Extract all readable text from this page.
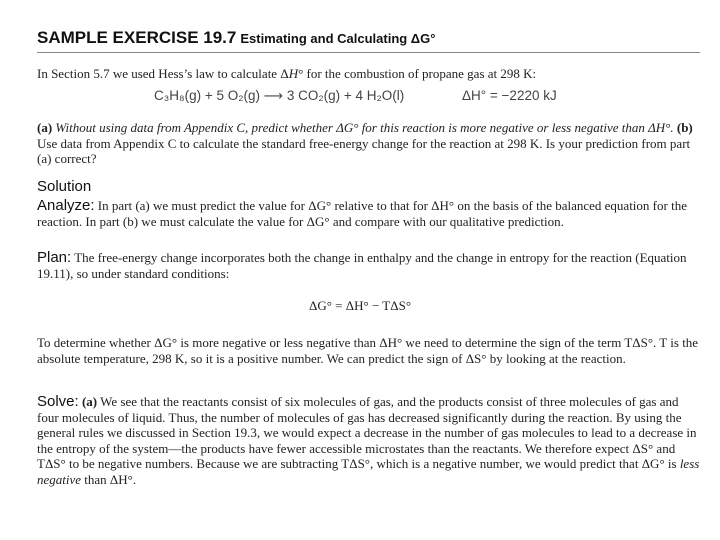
SAMPLE EXERCISE 19.7 Estimating and Calculating ΔG°
In Section 5.7 we used Hess’s law to calculate ΔH° for the combustion of propane gas at 298 K:
C₃H₈(g) + 5 O₂(g) ⟶ 3 CO₂(g) + 4 H₂O(l)	ΔH° = −2220 kJ
(a) Without using data from Appendix C, predict whether ΔG° for this reaction is more negative or less negative than ΔH°. (b) Use data from Appendix C to calculate the standard free-energy change for the reaction at 298 K. Is your prediction from part (a) correct?
Solution
Analyze: In part (a) we must predict the value for ΔG° relative to that for ΔH° on the basis of the balanced equation for the reaction. In part (b) we must calculate the value for ΔG° and compare with our qualitative prediction.
Plan: The free-energy change incorporates both the change in enthalpy and the change in entropy for the reaction (Equation 19.11), so under standard conditions:
ΔG° = ΔH° − TΔS°
To determine whether ΔG° is more negative or less negative than ΔH° we need to determine the sign of the term TΔS°. T is the absolute temperature, 298 K, so it is a positive number. We can predict the sign of ΔS° by looking at the reaction.
Solve: (a) We see that the reactants consist of six molecules of gas, and the products consist of three molecules of gas and four molecules of liquid. Thus, the number of molecules of gas has decreased significantly during the reaction. By using the general rules we discussed in Section 19.3, we would expect a decrease in the number of gas molecules to lead to a decrease in the entropy of the system—the products have fewer accessible microstates than the reactants. We therefore expect ΔS° and TΔS° to be negative numbers. Because we are subtracting TΔS°, which is a negative number, we would predict that ΔG° is less negative than ΔH°.
